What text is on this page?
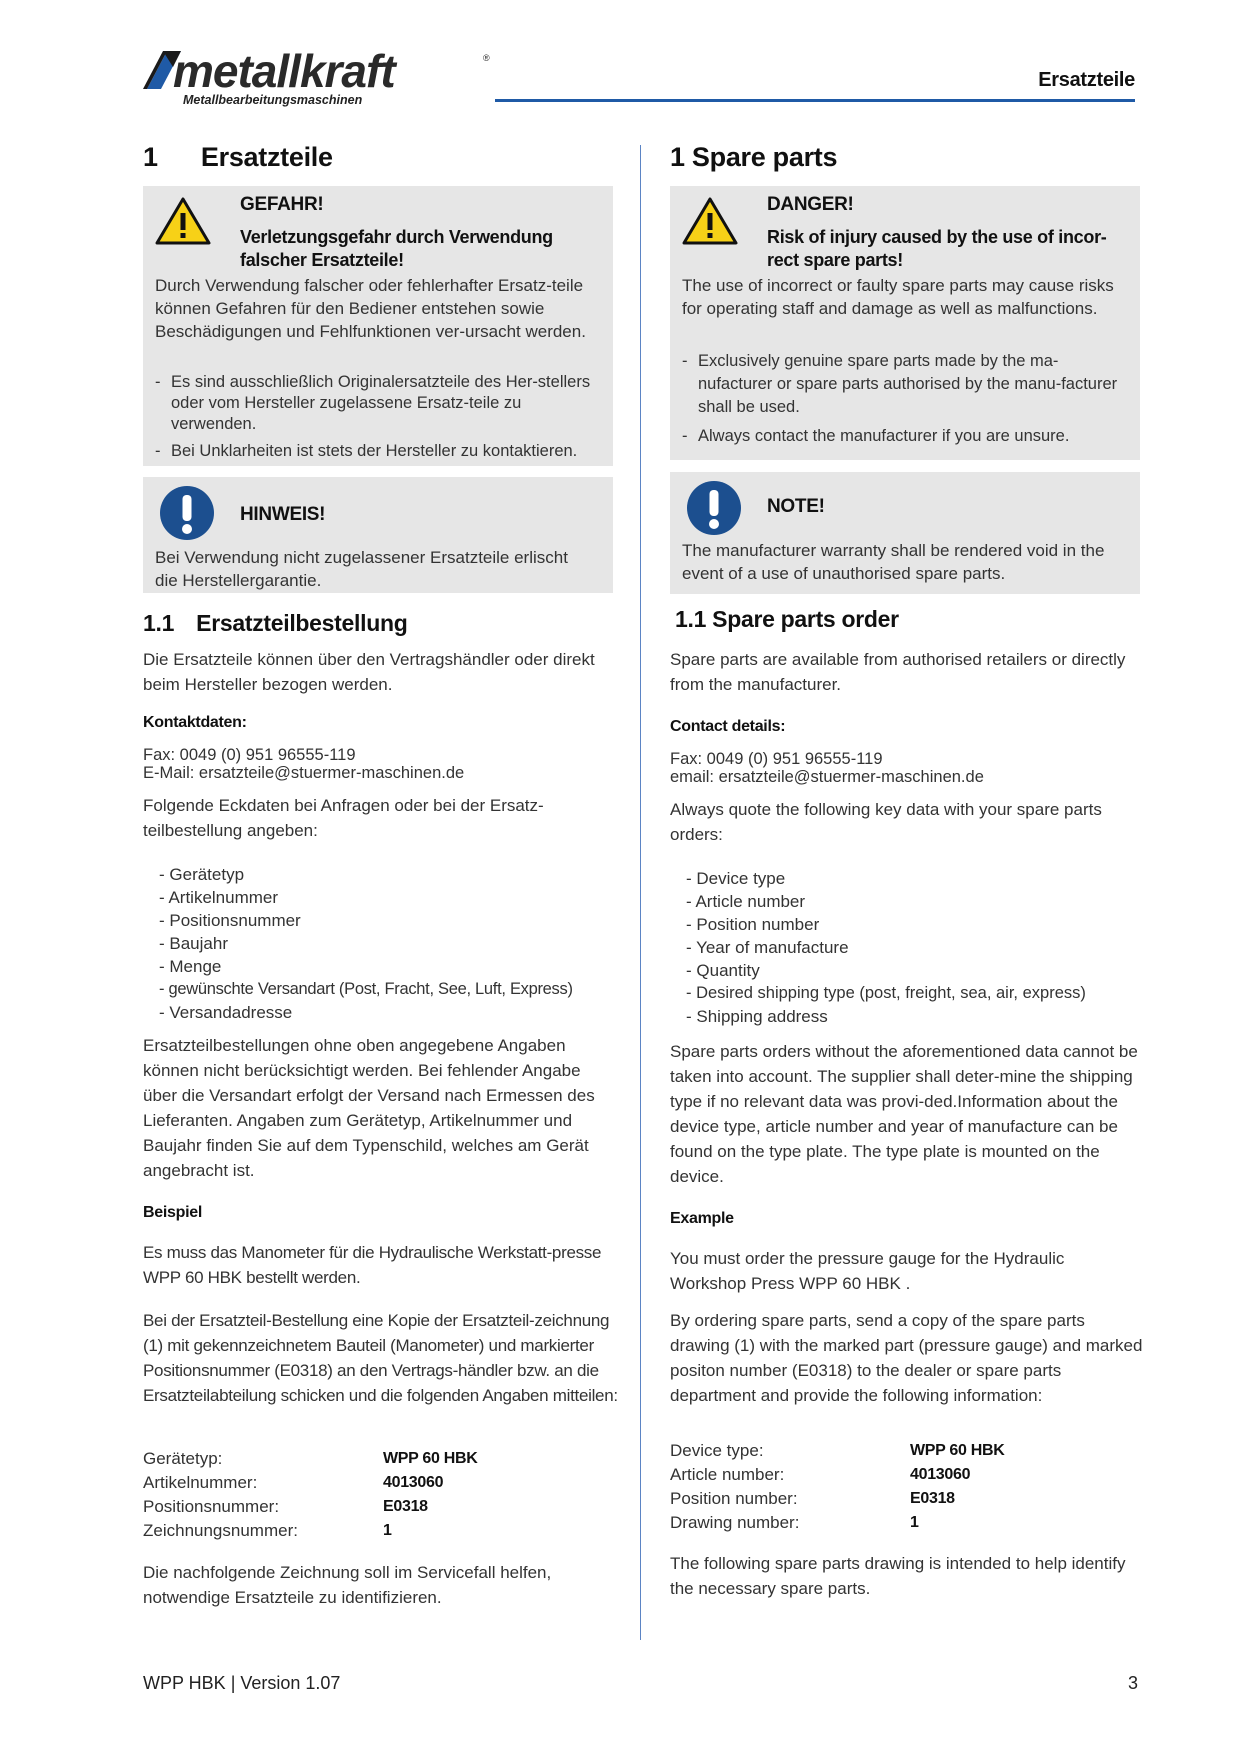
metallkraft	®
Metallbearbeitungsmaschinen
Ersatzteile
1 Ersatzteile
GEFAHR!
Verletzungsgefahr durch Verwendung falscher Ersatzteile!
Durch Verwendung falscher oder fehlerhafter Ersatz-teile können Gefahren für den Bediener entstehen sowie Beschädigungen und Fehlfunktionen ver-ursacht werden.
- Es sind ausschließlich Originalersatzteile des Her-stellers oder vom Hersteller zugelassene Ersatz-teile zu verwenden.
- Bei Unklarheiten ist stets der Hersteller zu kontaktieren.
HINWEIS!
Bei Verwendung nicht zugelassener Ersatzteile erlischt die Herstellergarantie.
1.1 Ersatzteilbestellung

Die Ersatzteile können über den Vertragshändler oder direkt beim Hersteller bezogen werden.

Kontaktdaten:

Fax: 0049 (0) 951 96555-119

E-Mail: ersatzteile@stuermer-maschinen.de

Folgende Eckdaten bei Anfragen oder bei der Ersatz-teilbestellung angeben:

- Gerätetyp
- Artikelnummer
- Positionsnummer
- Baujahr
- Menge
- gewünschte Versandart (Post, Fracht, See, Luft, Express)
- Versandadresse

Ersatzteilbestellungen ohne oben angegebene Angaben können nicht berücksichtigt werden. Bei fehlender Angabe über die Versandart erfolgt der Versand nach Ermessen des Lieferanten. Angaben zum Gerätetyp, Artikelnummer und Baujahr finden Sie auf dem Typenschild, welches am Gerät angebracht ist.

Beispiel

Es muss das Manometer für die Hydraulische Werkstatt-presse WPP 60 HBK bestellt werden.

Bei der Ersatzteil-Bestellung eine Kopie der Ersatzteil-zeichnung (1) mit gekennzeichnetem Bauteil (Manometer) und markierter Positionsnummer (E0318) an den Vertrags-händler bzw. an die Ersatzteilabteilung schicken und die folgenden Angaben mitteilen:

Gerätetyp:	WPP 60 HBK
Artikelnummer:	4013060
Positionsnummer:	E0318
Zeichnungsnummer:	1

Die nachfolgende Zeichnung soll im Servicefall helfen, notwendige Ersatzteile zu identifizieren.

1 Spare parts
DANGER!
Risk of injury caused by the use of incor-rect spare parts!
The use of incorrect or faulty spare parts may cause risks for operating staff and damage as well as malfunctions.
- Exclusively genuine spare parts made by the ma-nufacturer or spare parts authorised by the manu-facturer shall be used.
- Always contact the manufacturer if you are unsure.
NOTE!
The manufacturer warranty shall be rendered void in the event of a use of unauthorised spare parts.
1.1 Spare parts order

Spare parts are available from authorised retailers or directly from the manufacturer.

Contact details:

Fax: 0049 (0) 951 96555-119

email: ersatzteile@stuermer-maschinen.de

Always quote the following key data with your spare parts orders:

- Device type
- Article number
- Position number
- Year of manufacture
- Quantity
- Desired shipping type (post, freight, sea, air, express)
- Shipping address

Spare parts orders without the aforementioned data cannot be taken into account. The supplier shall deter-mine the shipping type if no relevant data was provi-ded.Information about the device type, article number and year of manufacture can be found on the type plate. The type plate is mounted on the device.

Example

You must order the pressure gauge for the Hydraulic Workshop Press WPP 60 HBK .

By ordering spare parts, send a copy of the spare parts drawing (1) with the marked part (pressure gauge) and marked positon number (E0318) to the dealer or spare parts department and provide the following information:

Device type:	WPP 60 HBK
Article number:	4013060
Position number:	E0318
Drawing number:	1

The following spare parts drawing is intended to help identify the necessary spare parts.

WPP HBK | Version 1.07	3
